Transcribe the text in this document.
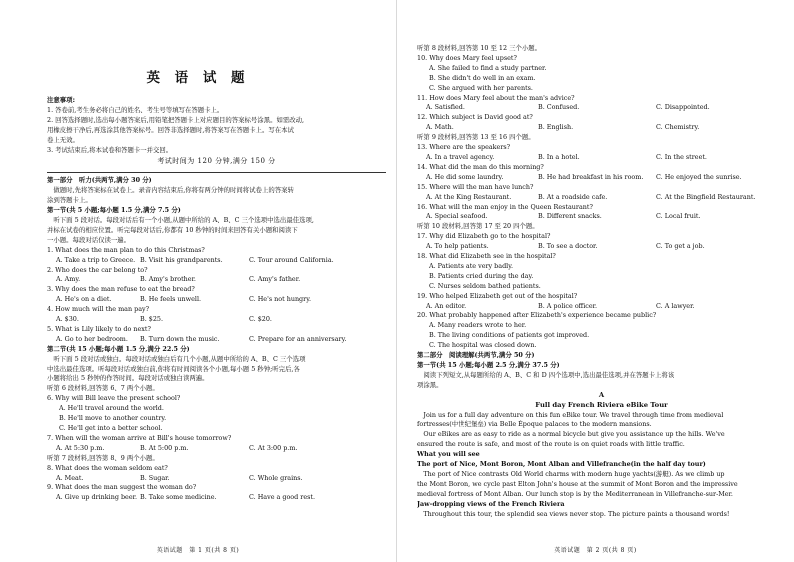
英 语 试 题
注意事项:
1. 答卷前,考生务必将自己的姓名、考生号等填写在答题卡上。
2. 回答选择题时,选出每小题答案后,用铅笔把答题卡上对应题目的答案标号涂黑。如需改动,
用橡皮擦干净后,再选涂其他答案标号。回答非选择题时,将答案写在答题卡上。写在本试
卷上无效。
3. 考试结束后,将本试卷和答题卡一并交回。
考试时间为 120 分钟,满分 150 分
第一部分　听力(共两节,满分 30 分)
　做题时,先将答案标在试卷上。录音内容结束后,你将有两分钟的时间将试卷上的答案转
涂到答题卡上。
第一节(共 5 小题;每小题 1.5 分,满分 7.5 分)
　听下面 5 段对话。每段对话后有一个小题,从题中所给的 A、B、C 三个选项中选出最佳选项,
并标在试卷的相应位置。听完每段对话后,你都有 10 秒钟的时间来回答有关小题和阅读下
一小题。每段对话仅读一遍。
1. What does the man plan to do this Christmas?
A. Take a trip to Greece. B. Visit his grandparents.	C. Tour around California.
2. Who does the car belong to?
A. Amy.	B. Amy's brother.	C. Amy's father.
3. Why does the man refuse to eat the bread?
A. He's on a diet.	B. He feels unwell.	C. He's not hungry.
4. How much will the man pay?
A. $30.	B. $25.	C. $20.
5. What is Lily likely to do next?
A. Go to her bedroom.	B. Turn down the music.	C. Prepare for an anniversary.
第二节(共 15 小题;每小题 1.5 分,满分 22.5 分)
　听下面 5 段对话或独白。每段对话或独白后有几个小题,从题中所给的 A、B、C 三个选项
中选出最佳选项。听每段对话或独白前,你将有时间阅读各个小题,每小题 5 秒钟;听完后,各
小题将给出 5 秒钟的作答时间。每段对话或独白读两遍。
听第 6 段材料,回答第 6、7 两个小题。
6. Why will Bill leave the present school?
A. He'll travel around the world.
B. He'll move to another country.
C. He'll get into a better school.
7. When will the woman arrive at Bill's house tomorrow?
A. At 5:30 p.m.	B. At 5:00 p.m.	C. At 3:00 p.m.
听第 7 段材料,回答第 8、9 两个小题。
8. What does the woman seldom eat?
A. Meat.	B. Sugar.	C. Whole grains.
9. What does the man suggest the woman do?
A. Give up drinking beer. B. Take some medicine.	C. Have a good rest.
英语试题　第 1 页(共 8 页)
听第 8 段材料,回答第 10 至 12 三个小题。
10. Why does Mary feel upset?
A. She failed to find a study partner.
B. She didn't do well in an exam.
C. She argued with her parents.
11. How does Mary feel about the man's advice?
A. Satisfied.	B. Confused.	C. Disappointed.
12. Which subject is David good at?
A. Math.	B. English.	C. Chemistry.
听第 9 段材料,回答第 13 至 16 四个题。
13. Where are the speakers?
A. In a travel agency.	B. In a hotel.	C. In the street.
14. What did the man do this morning?
A. He did some laundry.	B. He had breakfast in his room.	C. He enjoyed the sunrise.
15. Where will the man have lunch?
A. At the King Restaurant.	B. At a roadside cafe.	C. At the Bingfield Restaurant.
16. What will the man enjoy in the Queen Restaurant?
A. Special seafood.	B. Different snacks.	C. Local fruit.
听第 10 段材料,回答第 17 至 20 四个题。
17. Why did Elizabeth go to the hospital?
A. To help patients.	B. To see a doctor.	C. To get a job.
18. What did Elizabeth see in the hospital?
A. Patients ate very badly.
B. Patients cried during the day.
C. Nurses seldom bathed patients.
19. Who helped Elizabeth get out of the hospital?
A. An editor.	B. A police officer.	C. A lawyer.
20. What probably happened after Elizabeth's experience became public?
A. Many readers wrote to her.
B. The living conditions of patients got improved.
C. The hospital was closed down.
第二部分　阅读理解(共两节,满分 50 分)
第一节(共 15 小题;每小题 2.5 分,满分 37.5 分)
　阅读下列短文,从每题所给的 A、B、C 和 D 四个选项中,选出最佳选项,并在答题卡上将该
项涂黑。
A
Full day French Riviera eBike Tour
　Join us for a full day adventure on this fun eBike tour. We travel through time from medieval
fortresses(中世纪堡垒) via Belle Époque palaces to the modern mansions.
　Our eBikes are as easy to ride as a normal bicycle but give you assistance up the hills. We've
ensured the route is safe, and most of the route is on quiet roads with little traffic.
What you will see
The port of Nice, Mont Boron, Mont Alban and Villefranche(in the half day tour)
　The port of Nice contrasts Old World charms with modern huge yachts(游艇). As we climb up
the Mont Boron, we cycle past Elton John's house at the summit of Mont Boron and the impressive
medieval fortress of Mont Alban. Our lunch stop is by the Mediterranean in Villefranche-sur-Mer.
Jaw-dropping views of the French Riviera
　Throughout this tour, the splendid sea views never stop. The picture paints a thousand words!
英语试题　第 2 页(共 8 页)
